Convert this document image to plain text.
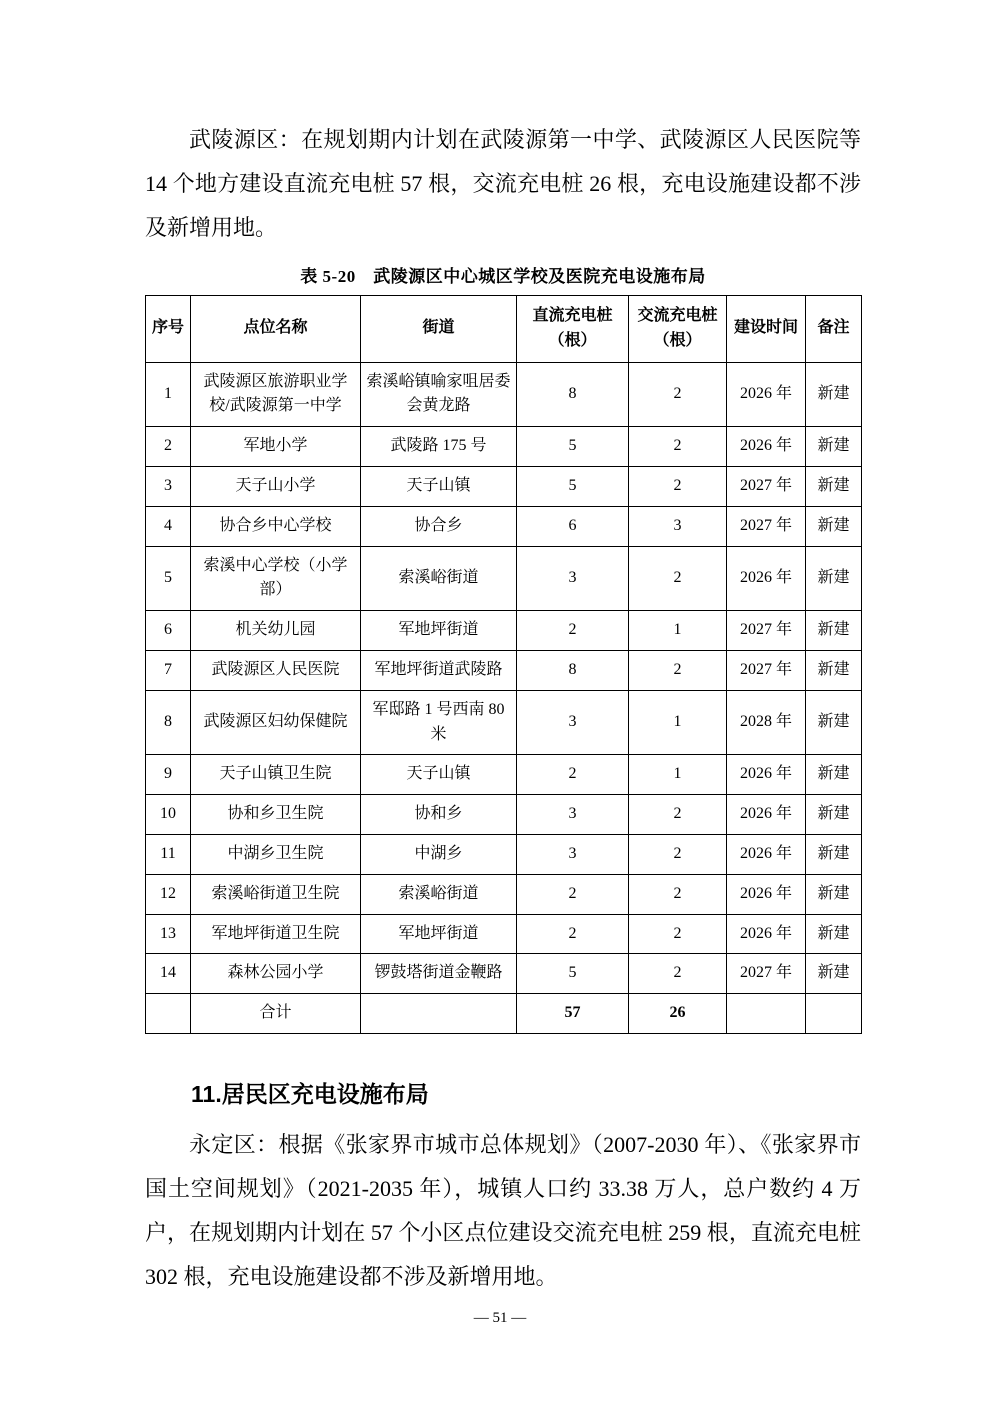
武陵源区：在规划期内计划在武陵源第一中学、武陵源区人民医院等 14 个地方建设直流充电桩 57 根，交流充电桩 26 根，充电设施建设都不涉及新增用地。

表 5-20　武陵源区中心城区学校及医院充电设施布局
序号	点位名称	街道	直流充电桩（根）	交流充电桩（根）	建设时间	备注
1	武陵源区旅游职业学校/武陵源第一中学	索溪峪镇喻家咀居委会黄龙路	8	2	2026 年	新建
2	军地小学	武陵路 175 号	5	2	2026 年	新建
3	天子山小学	天子山镇	5	2	2027 年	新建
4	协合乡中心学校	协合乡	6	3	2027 年	新建
5	索溪中心学校（小学部）	索溪峪街道	3	2	2026 年	新建
6	机关幼儿园	军地坪街道	2	1	2027 年	新建
7	武陵源区人民医院	军地坪街道武陵路	8	2	2027 年	新建
8	武陵源区妇幼保健院	军邸路 1 号西南 80 米	3	1	2028 年	新建
9	天子山镇卫生院	天子山镇	2	1	2026 年	新建
10	协和乡卫生院	协和乡	3	2	2026 年	新建
11	中湖乡卫生院	中湖乡	3	2	2026 年	新建
12	索溪峪街道卫生院	索溪峪街道	2	2	2026 年	新建
13	军地坪街道卫生院	军地坪街道	2	2	2026 年	新建
14	森林公园小学	锣鼓塔街道金鞭路	5	2	2027 年	新建
	合计		57	26		
11.居民区充电设施布局

永定区：根据《张家界市城市总体规划》（2007-2030 年）、《张家界市国土空间规划》（2021-2035 年），城镇人口约 33.38 万人，总户数约 4 万户，在规划期内计划在 57 个小区点位建设交流充电桩 259 根，直流充电桩 302 根，充电设施建设都不涉及新增用地。

— 51 —
